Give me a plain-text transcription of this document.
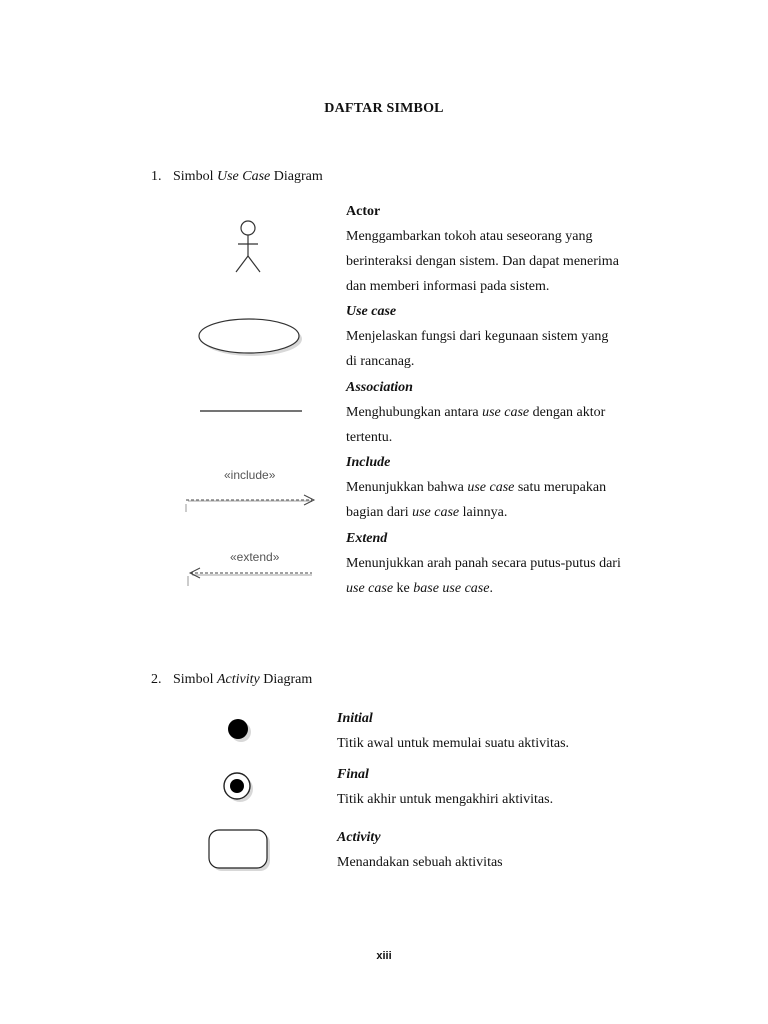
DAFTAR SIMBOL
1. Simbol Use Case Diagram
Actor
Menggambarkan tokoh atau seseorang yang
berinteraksi dengan sistem. Dan dapat menerima
dan memberi informasi pada sistem.
Use case
Menjelaskan fungsi dari kegunaan sistem yang
di rancanag.
Association
Menghubungkan antara use case dengan aktor
tertentu.
«include»
Include
Menunjukkan bahwa use case satu merupakan
bagian dari use case lainnya.
«extend»
Extend
Menunjukkan arah panah secara putus-putus dari
use case ke base use case.
2. Simbol Activity Diagram
Initial
Titik awal untuk memulai suatu aktivitas.
Final
Titik akhir untuk mengakhiri aktivitas.
Activity
Menandakan sebuah aktivitas
xiii
